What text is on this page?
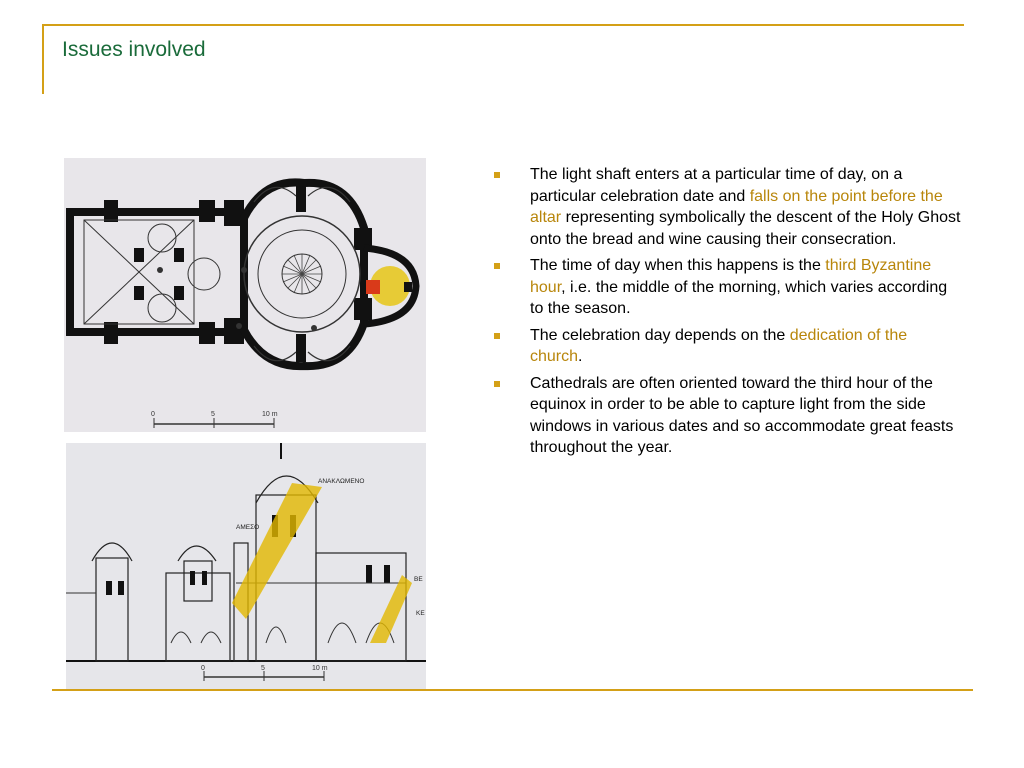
Issues involved
0	5	10 m
ΑΝΑΚΛΩΜΕΝΟ
ΑΜΕΣΟ
ΒΕ
ΚΕ
0	5	10 m
The light shaft enters at a particular time of day, on a particular celebration date and falls on the point before the altar representing symbolically the descent of the Holy Ghost onto the bread and wine causing their consecration.
The time of day when this happens is the third Byzantine hour, i.e. the middle of the morning, which varies according to the season.
The celebration day depends on the dedication of the church.
Cathedrals are often oriented toward the third hour of the equinox in order to be able to capture light from the side windows in various dates and so accommodate great feasts throughout the year.
